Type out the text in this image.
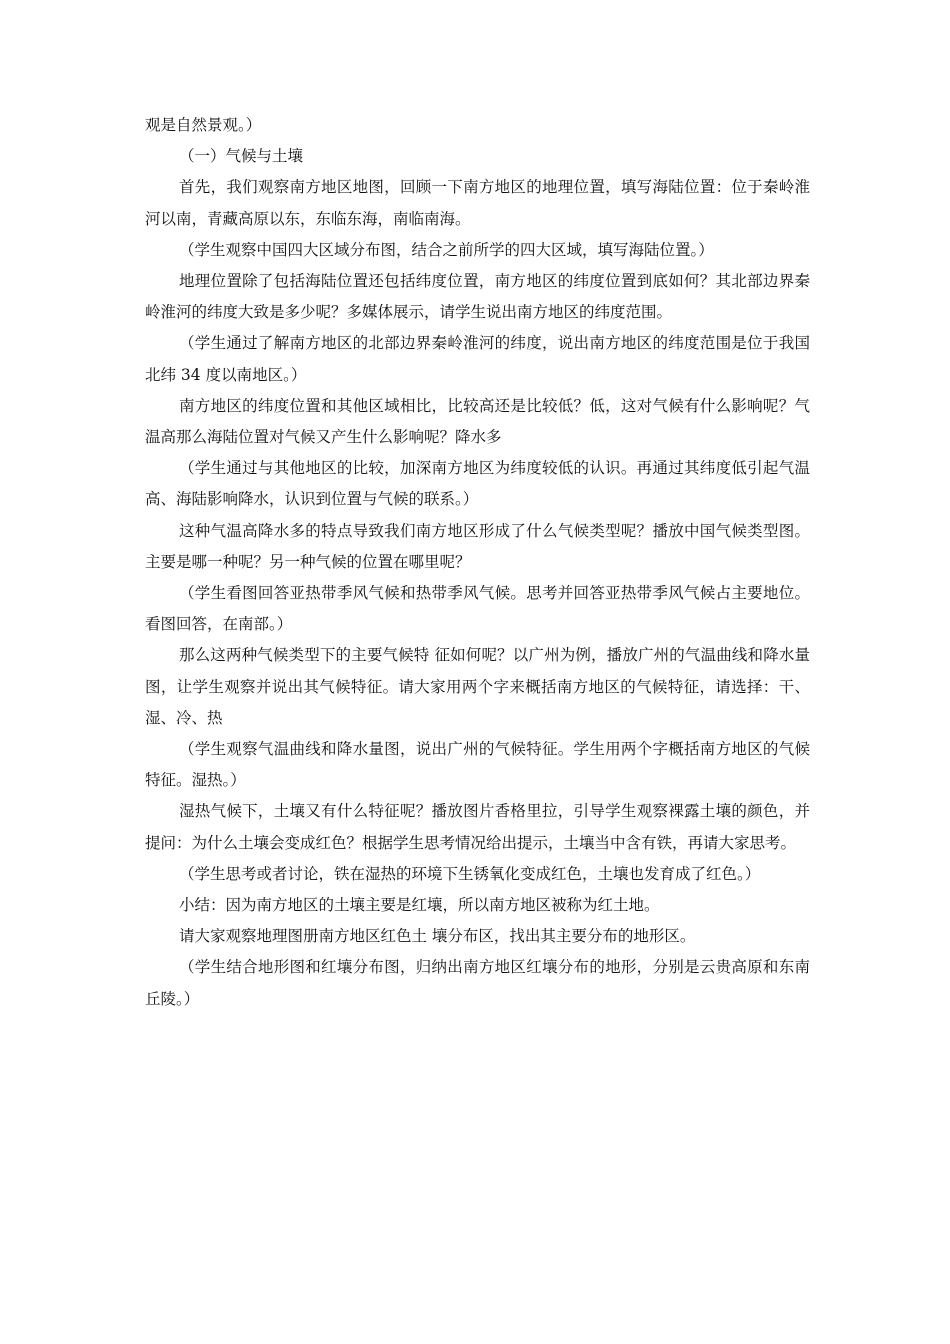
观是自然景观。）

（一）气候与土壤

首先，我们观察南方地区地图，回顾一下南方地区的地理位置，填写海陆位置：位于秦岭淮河以南，青藏高原以东，东临东海，南临南海。

（学生观察中国四大区域分布图，结合之前所学的四大区域，填写海陆位置。）

地理位置除了包括海陆位置还包括纬度位置，南方地区的纬度位置到底如何？其北部边界秦岭淮河的纬度大致是多少呢？多媒体展示，请学生说出南方地区的纬度范围。

（学生通过了解南方地区的北部边界秦岭淮河的纬度，说出南方地区的纬度范围是位于我国北纬 34 度以南地区。）

南方地区的纬度位置和其他区域相比，比较高还是比较低？低，这对气候有什么影响呢？气温高那么海陆位置对气候又产生什么影响呢？降水多

（学生通过与其他地区的比较，加深南方地区为纬度较低的认识。再通过其纬度低引起气温高、海陆影响降水，认识到位置与气候的联系。）

这种气温高降水多的特点导致我们南方地区形成了什么气候类型呢？播放中国气候类型图。主要是哪一种呢？另一种气候的位置在哪里呢？

（学生看图回答亚热带季风气候和热带季风气候。思考并回答亚热带季风气候占主要地位。看图回答，在南部。）

那么这两种气候类型下的主要气候特 征如何呢？以广州为例，播放广州的气温曲线和降水量图，让学生观察并说出其气候特征。请大家用两个字来概括南方地区的气候特征，请选择：干、湿、冷、热

（学生观察气温曲线和降水量图，说出广州的气候特征。学生用两个字概括南方地区的气候特征。湿热。）

湿热气候下，土壤又有什么特征呢？播放图片香格里拉，引导学生观察裸露土壤的颜色，并提问：为什么土壤会变成红色？根据学生思考情况给出提示，土壤当中含有铁，再请大家思考。

（学生思考或者讨论，铁在湿热的环境下生锈氧化变成红色，土壤也发育成了红色。）

小结：因为南方地区的土壤主要是红壤，所以南方地区被称为红土地。

请大家观察地理图册南方地区红色土 壤分布区，找出其主要分布的地形区。

（学生结合地形图和红壤分布图，归纳出南方地区红壤分布的地形，分别是云贵高原和东南丘陵。）
